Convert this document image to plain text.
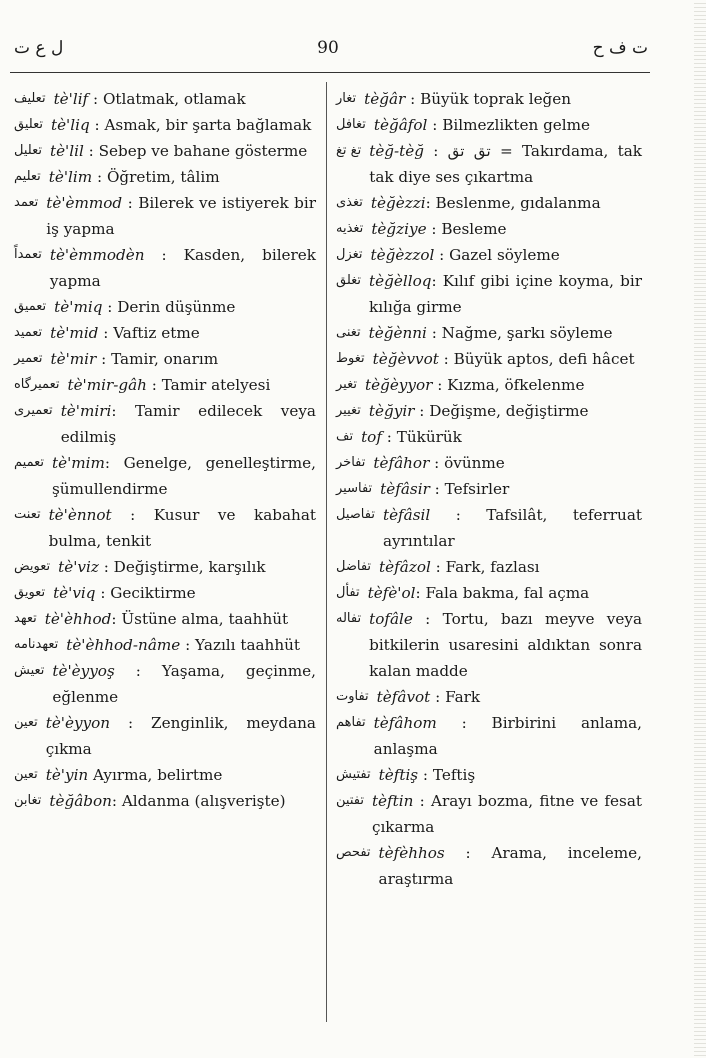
ل ع ت	90	ت ف ح
تعليف tè'lif : Otlatmak, otlamak
تعليق tè'liq : Asmak, bir şarta bağlamak
تعليل tè'lil : Sebep ve bahane gösterme
تعليم tè'lim : Öğretim, tâlim
تعمد tè'èmmod : Bilerek ve istiyerek bir iş yapma
تعمداً tè'èmmodèn : Kasden, bilerek yapma
تعميق tè'miq : Derin düşünme
تعميد tè'mid : Vaftiz etme
تعمير tè'mir : Tamir, onarım
تعميرگاه tè'mir-gâh : Tamir atelyesi
تعميرى tè'miri: Tamir edilecek veya edilmiş
تعميم tè'mim: Genelge, genelleştirme, şümullendirme
تعنت tè'ènnot : Kusur ve kabahat bulma, tenkit
تعويض tè'viz : Değiştirme, karşılık
تعويق tè'viq : Geciktirme
تعهد tè'èhhod: Üstüne alma, taahhüt
تعهدنامه tè'èhhod-nâme : Yazılı taahhüt
تعيش tè'èyyoş : Yaşama, geçinme, eğlenme
تعين tè'èyyon : Zenginlik, meydana çıkma
تعين tè'yin Ayırma, belirtme
تغابن tèğâbon: Aldanma (alışverişte)
تغار tèğâr : Büyük toprak leğen
تغافل tèğâfol : Bilmezlikten gelme
تغ تغ tèğ-tèğ : تق تق = Takırdama, tak tak diye ses çıkartma
تغذى tèğèzzi: Beslenme, gıdalanma
تغذيه tèğziye : Besleme
تغزل tèğèzzol : Gazel söyleme
تغلق tèğèlloq: Kılıf gibi içine koyma, bir kılığa girme
تغنى tèğènni : Nağme, şarkı söyleme
تغوط tèğèvvot : Büyük aptos, defi hâcet
تغير tèğèyyor : Kızma, öfkelenme
تغيير tèğyir : Değişme, değiştirme
تف tof : Tükürük
تفاخر tèfâhor : övünme
تفاسير tèfâsir : Tefsirler
تفاصيل tèfâsil : Tafsilât, teferruat ayrıntılar
تفاضل tèfâzol : Fark, fazlası
تفأل tèfè'ol: Fala bakma, fal açma
تفاله tofâle : Tortu, bazı meyve veya bitkilerin usaresini aldıktan sonra kalan madde
تفاوت tèfâvot : Fark
تفاهم tèfâhom : Birbirini anlama, anlaşma
تفتيش tèftiş : Teftiş
تفتين tèftin : Arayı bozma, fitne ve fesat çıkarma
تفحص tèfèhhos : Arama, inceleme, araştırma
